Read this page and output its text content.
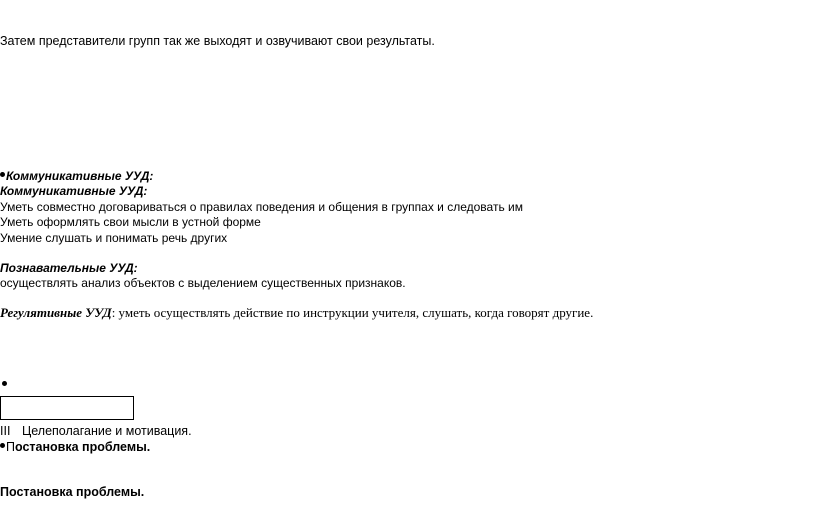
Затем представители групп так же выходят и озвучивают свои результаты.
Коммуникативные УУД:
Коммуникативные УУД:
Уметь совместно договариваться о правилах поведения и общения в группах и следовать им
Уметь оформлять свои мысли в устной форме
Умение слушать и понимать речь других
Познавательные УУД:
осуществлять анализ объектов с выделением существенных признаков.
Регулятивные УУД: уметь осуществлять действие по инструкции учителя, слушать, когда говорят другие.
III Целеполагание и мотивация.
Постановка проблемы.
Постановка проблемы.
